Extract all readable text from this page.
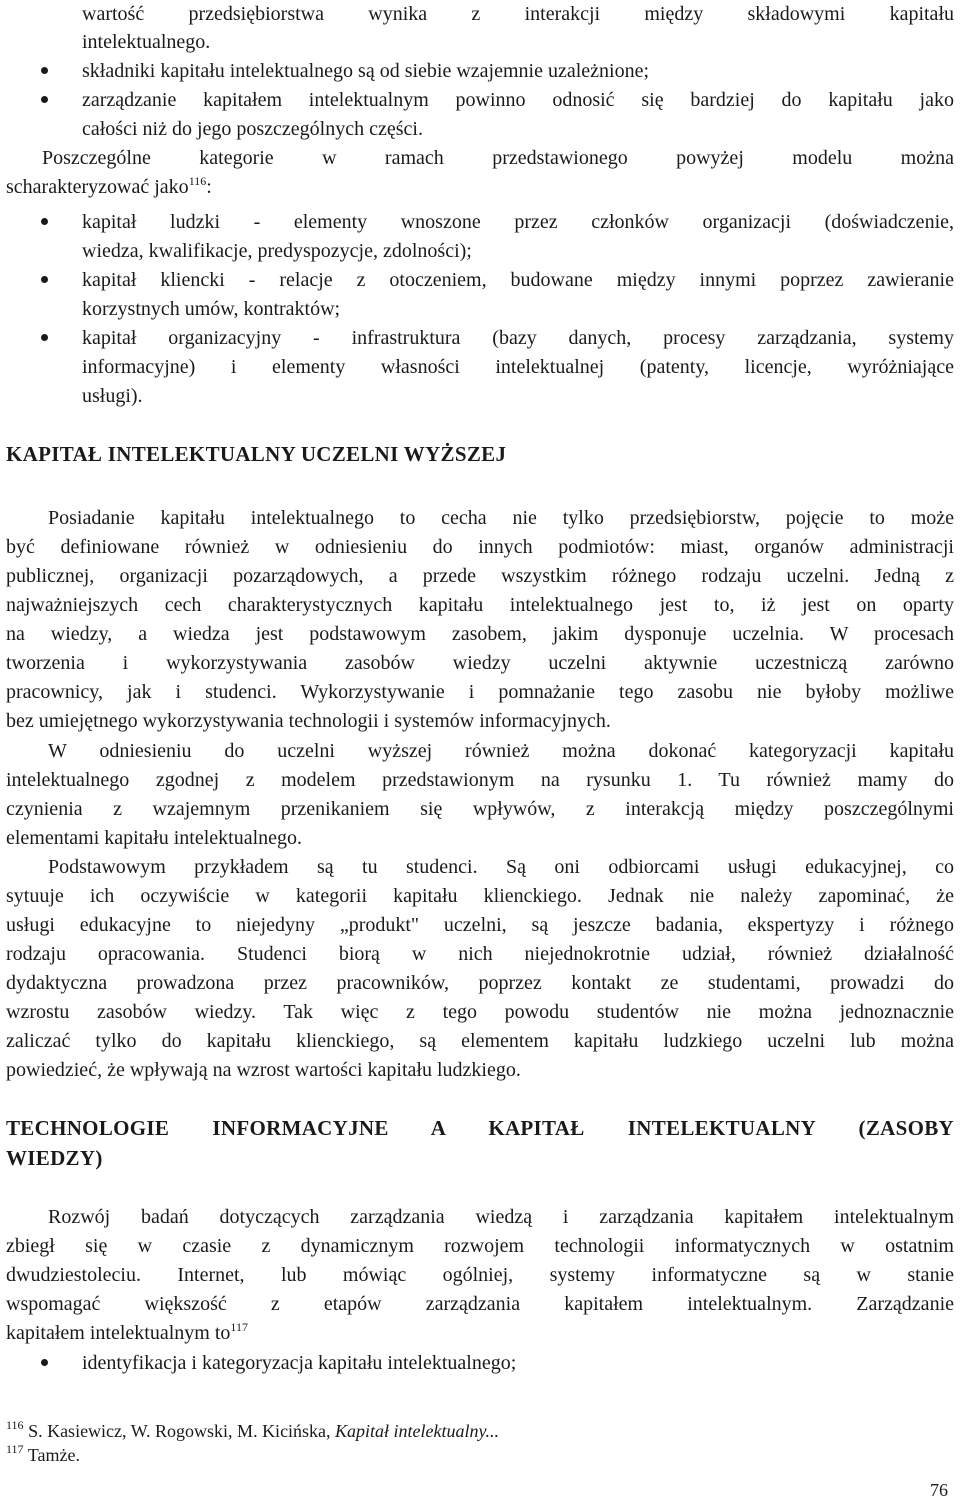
wartość przedsiębiorstwa wynika z interakcji między składowymi kapitału
intelektualnego.
składniki kapitału intelektualnego są od siebie wzajemnie uzależnione;
zarządzanie kapitałem intelektualnym powinno odnosić się bardziej do kapitału jako
całości niż do jego poszczególnych części.
Poszczególne kategorie w ramach przedstawionego powyżej modelu można
scharakteryzować jako$^{116}$:
kapitał ludzki - elementy wnoszone przez członków organizacji (doświadczenie,
wiedza, kwalifikacje, predyspozycje, zdolności);
kapitał kliencki - relacje z otoczeniem, budowane między innymi poprzez zawieranie
korzystnych umów, kontraktów;
kapitał organizacyjny - infrastruktura (bazy danych, procesy zarządzania, systemy
informacyjne) i elementy własności intelektualnej (patenty, licencje, wyróżniające
usługi).
KAPITAŁ INTELEKTUALNY UCZELNI WYŻSZEJ
Posiadanie kapitału intelektualnego to cecha nie tylko przedsiębiorstw, pojęcie to może
być definiowane również w odniesieniu do innych podmiotów: miast, organów administracji
publicznej, organizacji pozarządowych, a przede wszystkim różnego rodzaju uczelni. Jedną z
najważniejszych cech charakterystycznych kapitału intelektualnego jest to, iż jest on oparty
na wiedzy, a wiedza jest podstawowym zasobem, jakim dysponuje uczelnia. W procesach
tworzenia i wykorzystywania zasobów wiedzy uczelni aktywnie uczestniczą zarówno
pracownicy, jak i studenci. Wykorzystywanie i pomnażanie tego zasobu nie byłoby możliwe
bez umiejętnego wykorzystywania technologii i systemów informacyjnych.
W odniesieniu do uczelni wyższej również można dokonać kategoryzacji kapitału
intelektualnego zgodnej z modelem przedstawionym na rysunku 1. Tu również mamy do
czynienia z wzajemnym przenikaniem się wpływów, z interakcją między poszczególnymi
elementami kapitału intelektualnego.
Podstawowym przykładem są tu studenci. Są oni odbiorcami usługi edukacyjnej, co
sytuuje ich oczywiście w kategorii kapitału klienckiego. Jednak nie należy zapominać, że
usługi edukacyjne to niejedyny „produkt" uczelni, są jeszcze badania, ekspertyzy i różnego
rodzaju opracowania. Studenci biorą w nich niejednokrotnie udział, również działalność
dydaktyczna prowadzona przez pracowników, poprzez kontakt ze studentami, prowadzi do
wzrostu zasobów wiedzy. Tak więc z tego powodu studentów nie można jednoznacznie
zaliczać tylko do kapitału klienckiego, są elementem kapitału ludzkiego uczelni lub można
powiedzieć, że wpływają na wzrost wartości kapitału ludzkiego.
TECHNOLOGIE INFORMACYJNE A KAPITAŁ INTELEKTUALNY (ZASOBY
WIEDZY)
Rozwój badań dotyczących zarządzania wiedzą i zarządzania kapitałem intelektualnym
zbiegł się w czasie z dynamicznym rozwojem technologii informatycznych w ostatnim
dwudziestoleciu. Internet, lub mówiąc ogólniej, systemy informatyczne są w stanie
wspomagać większość z etapów zarządzania kapitałem intelektualnym. Zarządzanie
kapitałem intelektualnym $to^{117}$
identyfikacja i kategoryzacja kapitału intelektualnego;
$^{116}$ S. Kasiewicz, W. Rogowski, M. Kicińska, Kapitał intelektualny...
$^{117}$ Tamże.
76
